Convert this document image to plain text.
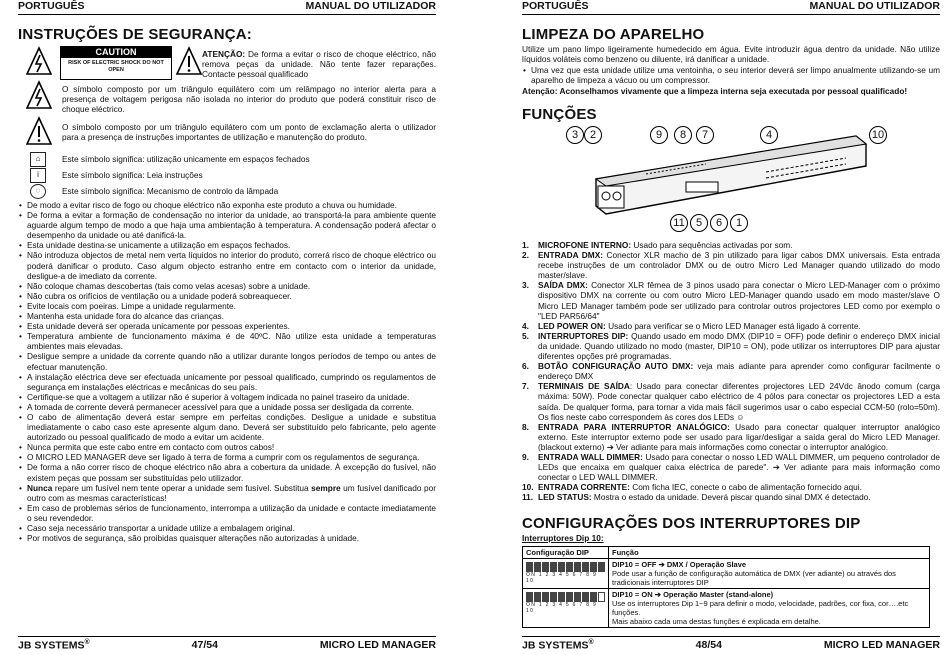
PORTUGUÊS	MANUAL DO UTILIZADOR
INSTRUÇÕES DE SEGURANÇA:
CAUTION
RISK OF ELECTRIC SHOCK DO NOT OPEN
ATENÇÃO: De forma a evitar o risco de choque eléctrico, não remova peças da unidade. Não tente fazer reparações. Contacte pessoal qualificado
O símbolo composto por um triângulo equilátero com um relâmpago no interior alerta para a presença de voltagem perigosa não isolada no interior do produto que poderá constituir risco de choque eléctrico.
O símbolo composto por um triângulo equilátero com um ponto de exclamação alerta o utilizador para a presença de instruções importantes de utilização e manutenção do produto.
⌂	Este símbolo significa: utilização unicamente em espaços fechados
i	Este símbolo significa: Leia instruções
◌	Este símbolo significa: Mecanismo de controlo da lâmpada
• De modo a evitar risco de fogo ou choque eléctrico não exponha este produto a chuva ou humidade.
• De forma a evitar a formação de condensação no interior da unidade, ao transportá-la para ambiente quente aguarde algum tempo de modo a que haja uma ambientação à temperatura. A condensação poderá afectar o desempenho da unidade ou até danificá-la.
• Esta unidade destina-se unicamente a utilização em espaços fechados.
• Não introduza objectos de metal nem verta líquidos no interior do produto, correrá risco de choque eléctrico ou poderá danificar o produto. Caso algum objecto estranho entre em contacto com o interior da unidade, desligue-a de imediato da corrente.
• Não coloque chamas descobertas (tais como velas acesas) sobre a unidade.
• Não cubra os orifícios de ventilação ou a unidade poderá sobreaquecer.
• Evite locais com poeiras. Limpe a unidade regularmente.
• Mantenha esta unidade fora do alcance das crianças.
• Esta unidade deverá ser operada unicamente por pessoas experientes.
• Temperatura ambiente de funcionamento máxima é de 40ºC. Não utilize esta unidade a temperaturas ambientes mais elevadas.
• Desligue sempre a unidade da corrente quando não a utilizar durante longos períodos de tempo ou antes de efectuar manutenção.
• A instalação eléctrica deve ser efectuada unicamente por pessoal qualificado, cumprindo os regulamentos de segurança em instalações eléctricas e mecânicas do seu país.
• Certifique-se que a voltagem a utilizar não é superior à voltagem indicada no painel traseiro da unidade.
• A tomada de corrente deverá permanecer acessível para que a unidade possa ser desligada da corrente.
• O cabo de alimentação deverá estar sempre em perfeitas condições. Desligue a unidade e substitua imediatamente o cabo caso este apresente algum dano. Deverá ser substituído pelo fabricante, pelo agente autorizado ou pessoal qualificado de modo a evitar um acidente.
• Nunca permita que este cabo entre em contacto com outros cabos!
• O MICRO LED MANAGER deve ser ligado à terra de forma a cumprir com os regulamentos de segurança.
• De forma a não correr risco de choque eléctrico não abra a cobertura da unidade. À excepção do fusível, não existem peças que possam ser substituídas pelo utilizador.
• Nunca repare um fusível nem tente operar a unidade sem fusível. Substitua sempre um fusível danificado por outro com as mesmas características!
• Em caso de problemas sérios de funcionamento, interrompa a utilização da unidade e contacte imediatamente o seu revendedor.
• Caso seja necessário transportar a unidade utilize a embalagem original.
• Por motivos de segurança, são proibidas quaisquer alterações não autorizadas à unidade.
JB SYSTEMS®	47/54	MICRO LED MANAGER
PORTUGUÊS	MANUAL DO UTILIZADOR
LIMPEZA DO APARELHO
Utilize um pano limpo ligeiramente humedecido em água. Evite introduzir água dentro da unidade. Não utilize líquidos voláteis como benzeno ou diluente, irá danificar a unidade.
• Uma vez que esta unidade utilize uma ventoinha, o seu interior deverá ser limpo anualmente utilizando-se um aparelho de limpeza a vácuo ou um compressor.
Atenção: Aconselhamos vivamente que a limpeza interna seja executada por pessoal qualificado!
FUNÇÕES
1. MICROFONE INTERNO: Usado para sequências activadas por som.
2. ENTRADA DMX: Conector XLR macho de 3 pin utilizado para ligar cabos DMX universais. Esta entrada recebe instruções de um controlador DMX ou de outro Micro Led Manager quando utilizado do modo master/slave.
3. SAÍDA DMX: Conector XLR fêmea de 3 pinos usado para conectar o Micro LED-Manager com o próximo dispositivo DMX na corrente ou com outro Micro LED-Manager quando usado em modo master/slave O Micro LED Manager também pode ser utilizado para controlar outros projectores LED como por exemplo o "LED PAR56/64"
4. LED POWER ON: Usado para verificar se o Micro LED Manager está ligado à corrente.
5. INTERRUPTORES DIP: Quando usado em modo DMX (DIP10 = OFF) pode definir o endereço DMX inicial da unidade. Quando utilizado no modo (master, DIP10 = ON), pode utilizar os interruptores DIP para ajustar diferentes opções pré programadas.
6. BOTÃO CONFIGURAÇÃO AUTO DMX: veja mais adiante para aprender como configurar facilmente o endereço DMX
7. TERMINAIS DE SAÍDA: Usado para conectar diferentes projectores LED 24Vdc ânodo comum (carga máxima: 50W). Pode conectar qualquer cabo eléctrico de 4 pólos para conectar os projectores LED a esta saída. De qualquer forma, para tornar a vida mais fácil sugerimos usar o cabo especial CCM-50 (rolo=50m). Os fios neste cabo correspondem às cores dos LEDs ☺
8. ENTRADA PARA INTERRUPTOR ANALÓGICO: Usado para conectar qualquer interruptor analógico externo. Este interruptor externo pode ser usado para ligar/desligar a saída geral do Micro LED Manager. (blackout externo) ➔ Ver adiante para mais informações como conectar o interruptor analógico.
9. ENTRADA WALL DIMMER: Usado para conectar o nosso LED WALL DIMMER, um pequeno controlador de LEDs que encaixa em qualquer caixa eléctrica de parede". ➔ Ver adiante para mais informação como conectar o LED WALL DIMMER.
10. ENTRADA CORRENTE: Com ficha IEC, conecte o cabo de alimentação fornecido aqui.
11. LED STATUS: Mostra o estado da unidade. Deverá piscar quando sinal DMX é detectado.
CONFIGURAÇÕES DOS INTERRUPTORES DIP
Interruptores Dip 10:
JB SYSTEMS®	48/54	MICRO LED MANAGER
3	2	9	8	7	4	10
11	5	6	1
Configuração DIP	Função

ON 1 2 3 4 5 6 7 8 9 10	DIP10 = OFF ➔ DMX / Operação Slave
Pode usar a função de configuração automática de DMX (ver adiante) ou através dos tradicionais interruptores DIP

ON 1 2 3 4 5 6 7 8 9 10	DIP10 = ON ➔ Operação Master (stand-alone)
Use os interruptores Dip 1~9 para definir o modo, velocidade, padrões, cor fixa, cor….etc funções.
Mais abaixo cada uma destas funções é explicada em detalhe.
